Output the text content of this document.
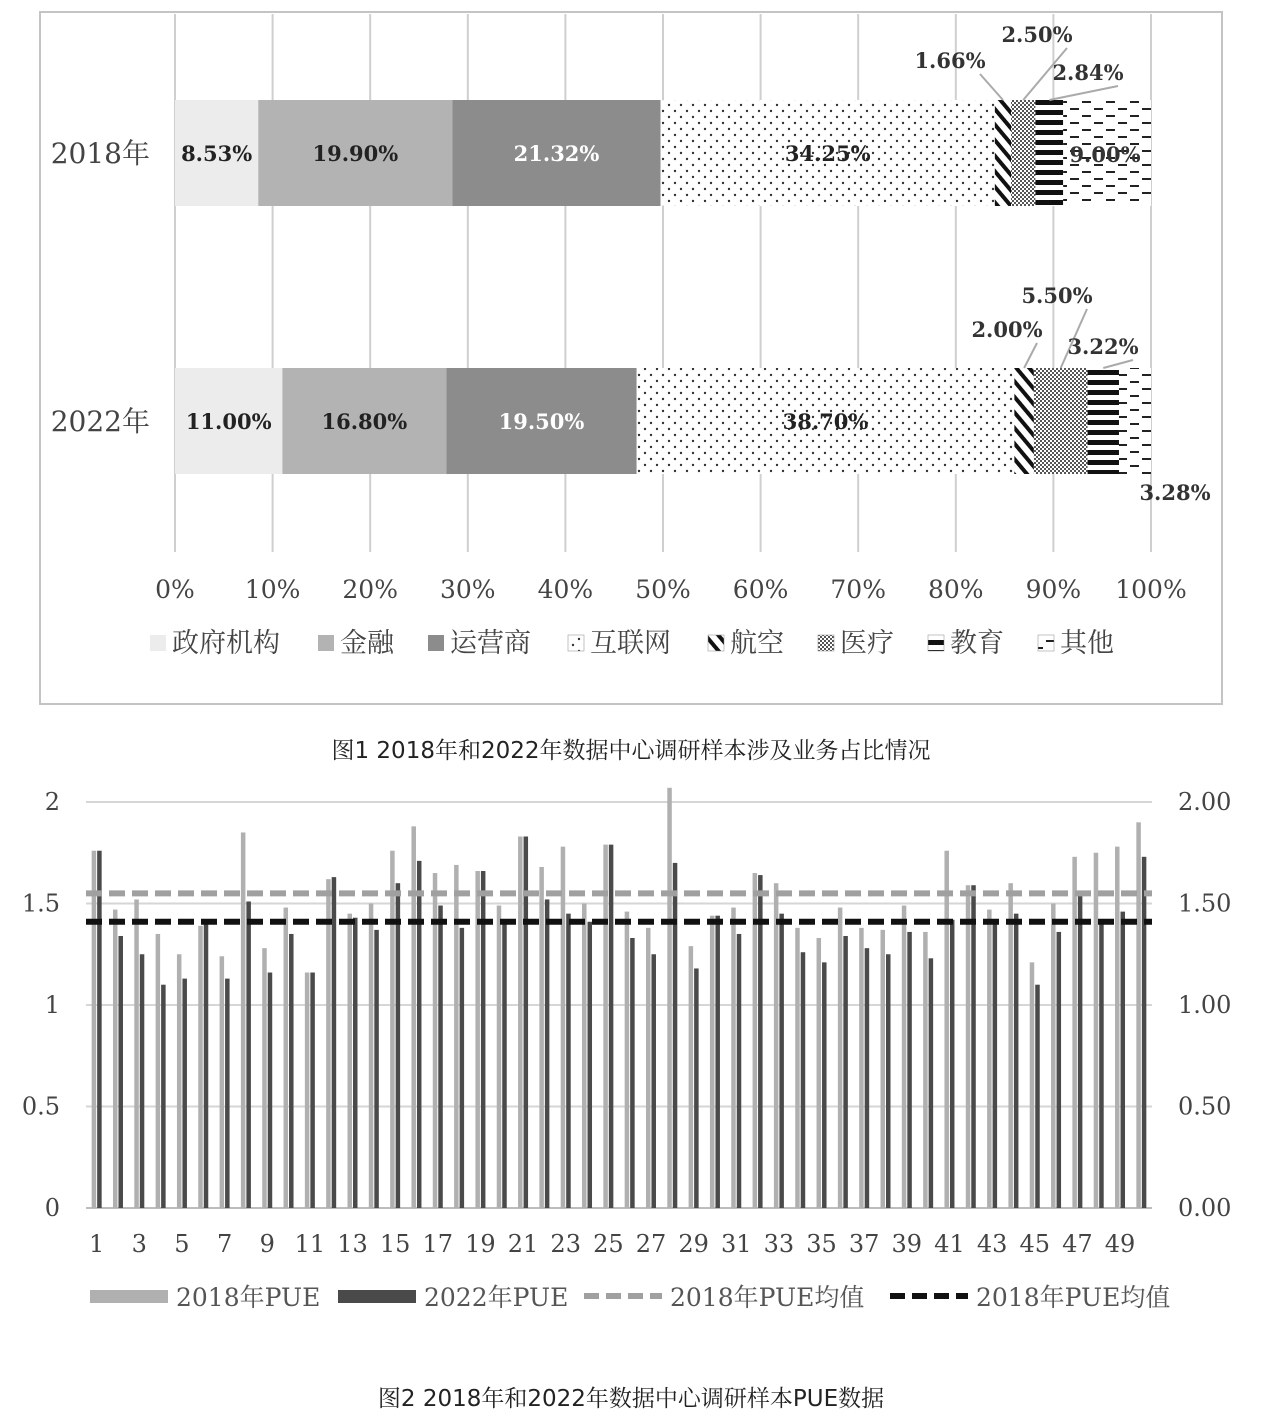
8.53%	19.90%	21.32%	34.25%
1.66%
2.50%
2.84%
9.00%
11.00% 16.80%	19.50%	38.70%
2.00%
5.50%
3.22%
3.28%
2018年
2022年
0% 10% 20% 30% 40% 50% 60% 70% 80% 90% 100%
政府机构 金融 运营商 互联网 航空 医疗 教育 其他
图1 2018年和2022年数据中心调研样本涉及业务占比情况
0
0.5
1
1.5
2
0.00
0.50
1.00
1.50
2.00
1 3 5 7 9 11 13 15 17 19 21 23 25 27 29 31 33 35 37 39 41 43 45 47 49
2018年PUE	2022年PUE	2018年PUE均值	2018年PUE均值
图2 2018年和2022年数据中心调研样本PUE数据
